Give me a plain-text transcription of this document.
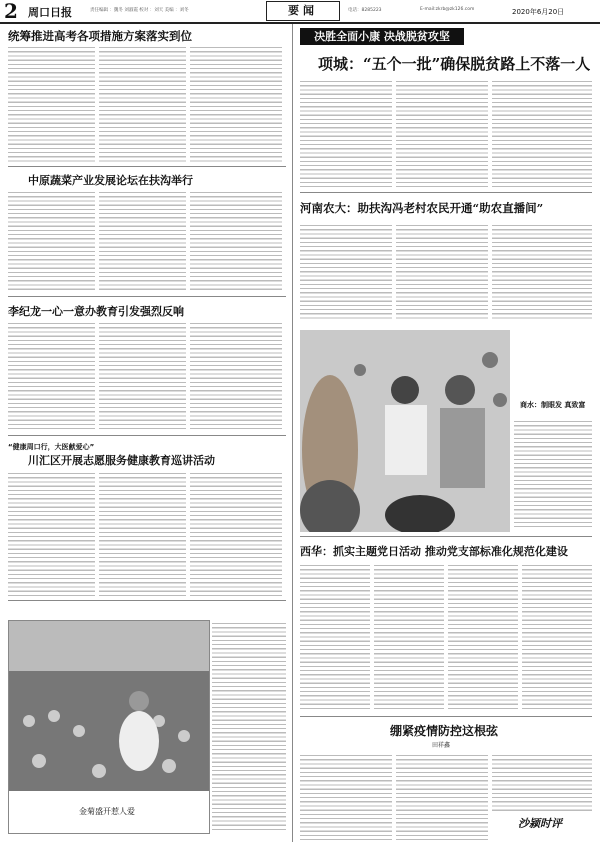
2 周口日报	责任编辑 ：魏冬 刘淑霞 校对 ：刘天 美编 ：刘冬	电话：8285223	E-mail:zkrb@zk126.com
要闻	2020年6月20日
统筹推进高考各项措施方案落实到位
中原蔬菜产业发展论坛在扶沟举行
李纪龙一心一意办教育引发强烈反响
“健康周口行，大医献爱心”
川汇区开展志愿服务健康教育巡讲活动
金菊盛开惹人爱
决胜全面小康 决战脱贫攻坚
项城：“五个一批”确保脱贫路上不落一人
河南农大：助扶沟冯老村农民开通“助农直播间”
商水：制眼发 真致富
西华：抓实主题党日活动 推动党支部标准化规范化建设
绷紧疫情防控这根弦
田祥鑫
沙颍时评
